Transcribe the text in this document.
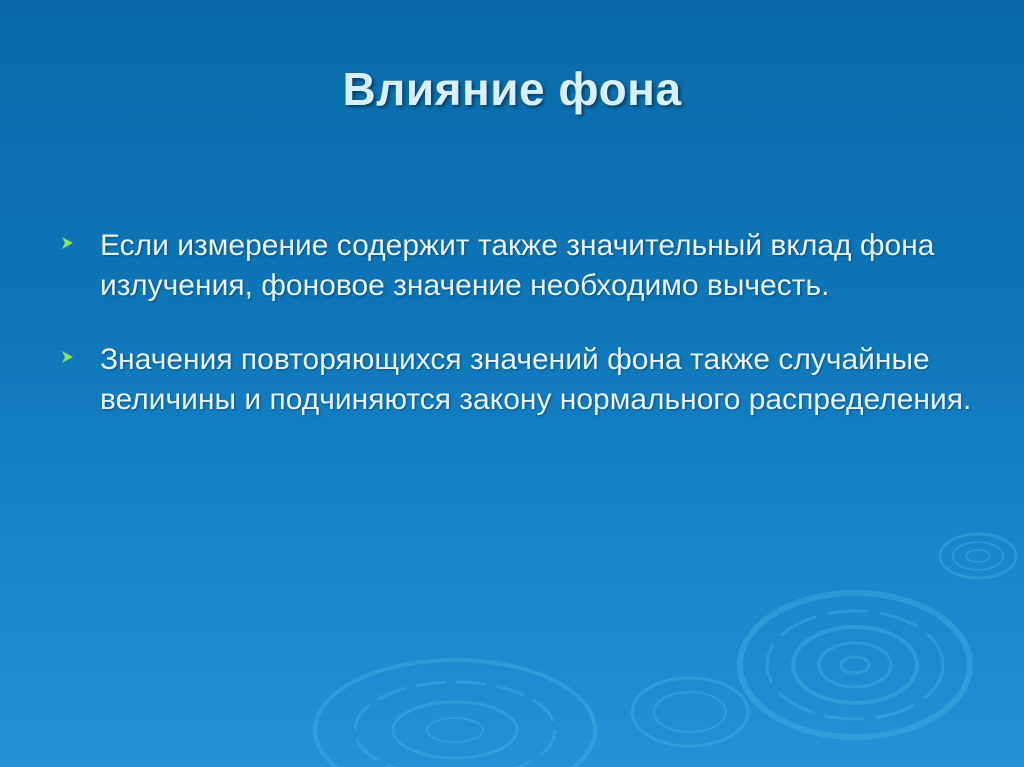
Влияние фона
Если измерение содержит также значительный вклад фона излучения, фоновое значение необходимо вычесть.
Значения повторяющихся значений фона также случайные величины и подчиняются закону нормального распределения.
